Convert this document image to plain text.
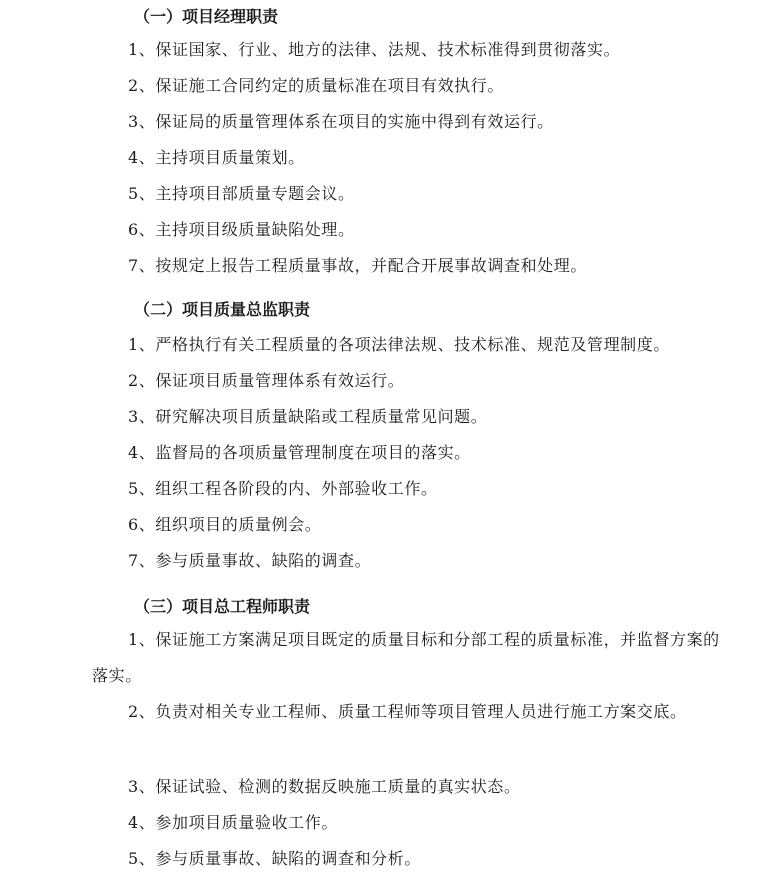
（一）项目经理职责
1、保证国家、行业、地方的法律、法规、技术标准得到贯彻落实。
2、保证施工合同约定的质量标准在项目有效执行。
3、保证局的质量管理体系在项目的实施中得到有效运行。
4、主持项目质量策划。
5、主持项目部质量专题会议。
6、主持项目级质量缺陷处理。
7、按规定上报告工程质量事故，并配合开展事故调查和处理。
（二）项目质量总监职责
1、严格执行有关工程质量的各项法律法规、技术标准、规范及管理制度。
2、保证项目质量管理体系有效运行。
3、研究解决项目质量缺陷或工程质量常见问题。
4、监督局的各项质量管理制度在项目的落实。
5、组织工程各阶段的内、外部验收工作。
6、组织项目的质量例会。
7、参与质量事故、缺陷的调查。
（三）项目总工程师职责
1、保证施工方案满足项目既定的质量目标和分部工程的质量标准，并监督方案的落实。
2、负责对相关专业工程师、质量工程师等项目管理人员进行施工方案交底。
3、保证试验、检测的数据反映施工质量的真实状态。
4、参加项目质量验收工作。
5、参与质量事故、缺陷的调查和分析。
